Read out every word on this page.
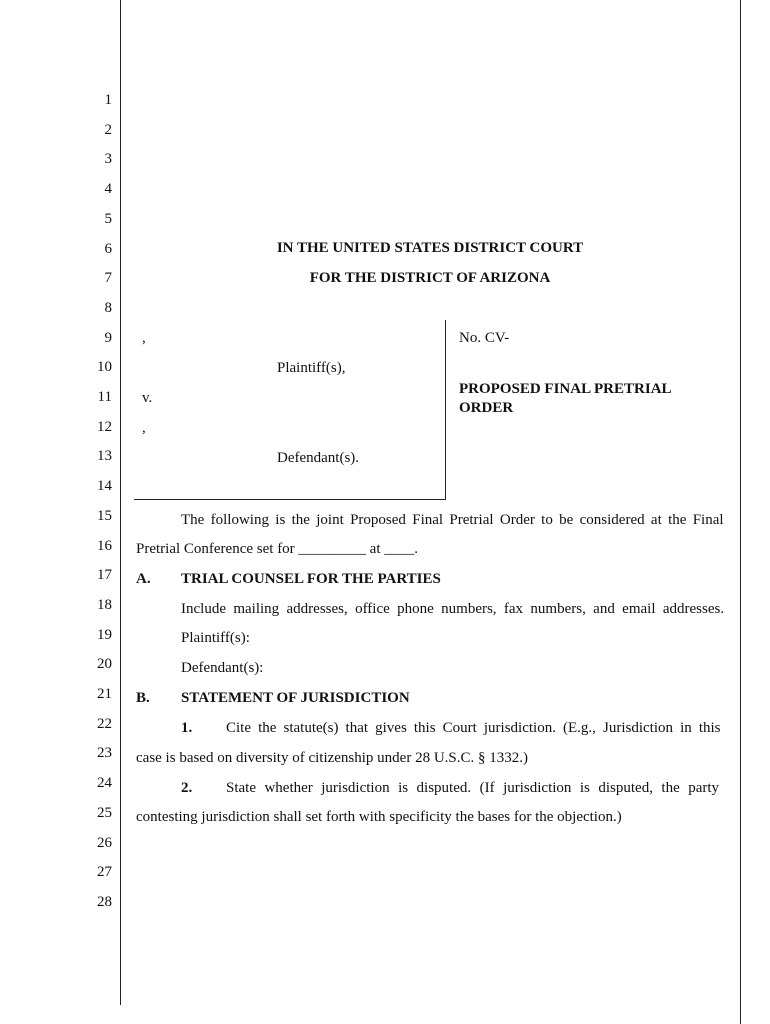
1
2
3
4
5
6
7
8
9
10
11
12
13
14
15
16
17
18
19
20
21
22
23
24
25
26
27
28
IN THE UNITED STATES DISTRICT COURT
FOR THE DISTRICT OF ARIZONA
,
Plaintiff(s),
v.
,
Defendant(s).
No. CV-
PROPOSED FINAL PRETRIAL
ORDER
The following is the joint Proposed Final Pretrial Order to be considered at the Final
Pretrial Conference set for _________ at ____.
A. TRIAL COUNSEL FOR THE PARTIES
Include mailing addresses, office phone numbers, fax numbers, and email addresses.
Plaintiff(s):
Defendant(s):
B. STATEMENT OF JURISDICTION
1. Cite the statute(s) that gives this Court jurisdiction. (E.g., Jurisdiction in this
case is based on diversity of citizenship under 28 U.S.C. § 1332.)
2. State whether jurisdiction is disputed. (If jurisdiction is disputed, the party
contesting jurisdiction shall set forth with specificity the bases for the objection.)
